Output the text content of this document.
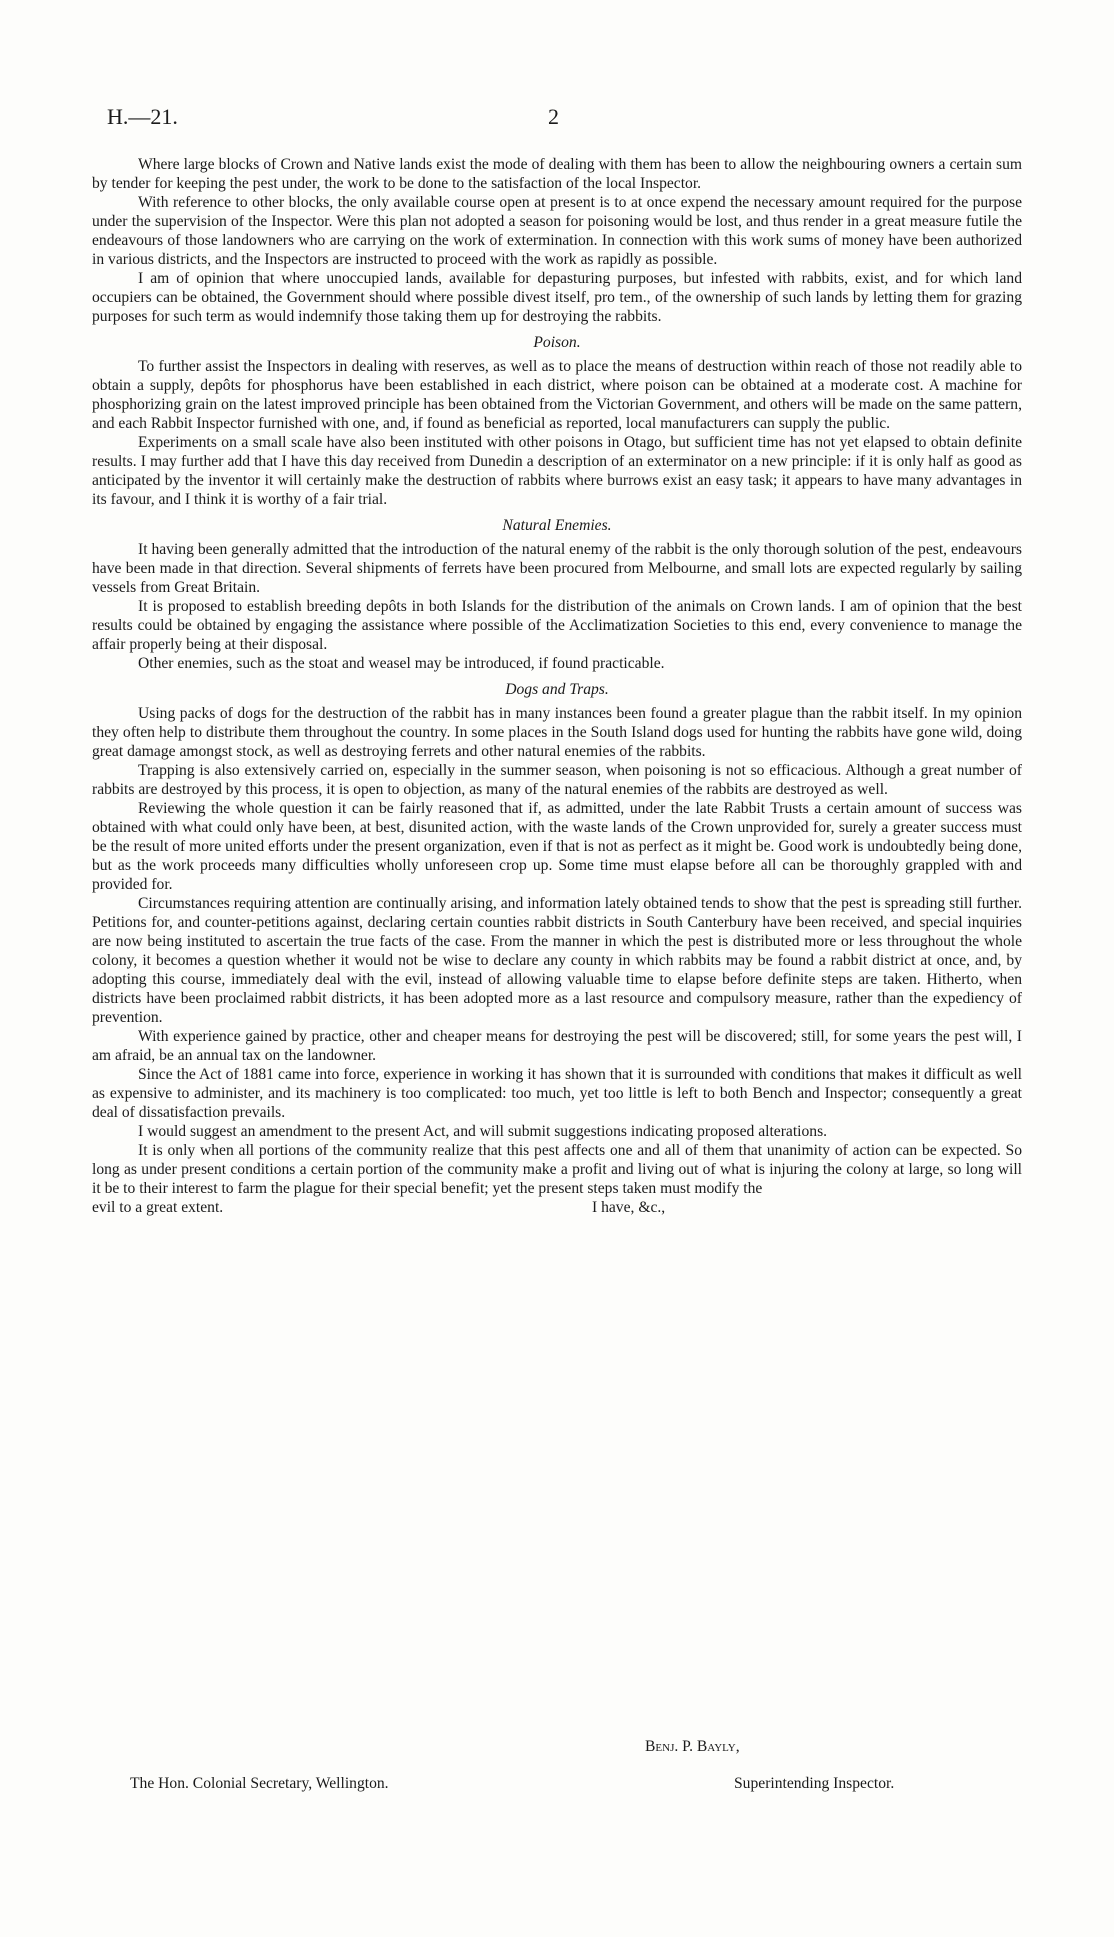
H.—21.	2

Where large blocks of Crown and Native lands exist the mode of dealing with them has been to allow the neighbouring owners a certain sum by tender for keeping the pest under, the work to be done to the satisfaction of the local Inspector.

With reference to other blocks, the only available course open at present is to at once expend the necessary amount required for the purpose under the supervision of the Inspector. Were this plan not adopted a season for poisoning would be lost, and thus render in a great measure futile the endeavours of those landowners who are carrying on the work of extermination. In connection with this work sums of money have been authorized in various districts, and the Inspectors are instructed to proceed with the work as rapidly as possible.

I am of opinion that where unoccupied lands, available for depasturing purposes, but infested with rabbits, exist, and for which land occupiers can be obtained, the Government should where possible divest itself, pro tem., of the ownership of such lands by letting them for grazing purposes for such term as would indemnify those taking them up for destroying the rabbits.

Poison.

To further assist the Inspectors in dealing with reserves, as well as to place the means of destruction within reach of those not readily able to obtain a supply, depôts for phosphorus have been established in each district, where poison can be obtained at a moderate cost. A machine for phosphorizing grain on the latest improved principle has been obtained from the Victorian Government, and others will be made on the same pattern, and each Rabbit Inspector furnished with one, and, if found as beneficial as reported, local manufacturers can supply the public.

Experiments on a small scale have also been instituted with other poisons in Otago, but sufficient time has not yet elapsed to obtain definite results. I may further add that I have this day received from Dunedin a description of an exterminator on a new principle: if it is only half as good as anticipated by the inventor it will certainly make the destruction of rabbits where burrows exist an easy task; it appears to have many advantages in its favour, and I think it is worthy of a fair trial.

Natural Enemies.

It having been generally admitted that the introduction of the natural enemy of the rabbit is the only thorough solution of the pest, endeavours have been made in that direction. Several shipments of ferrets have been procured from Melbourne, and small lots are expected regularly by sailing vessels from Great Britain.

It is proposed to establish breeding depôts in both Islands for the distribution of the animals on Crown lands. I am of opinion that the best results could be obtained by engaging the assistance where possible of the Acclimatization Societies to this end, every convenience to manage the affair properly being at their disposal.

Other enemies, such as the stoat and weasel may be introduced, if found practicable.

Dogs and Traps.

Using packs of dogs for the destruction of the rabbit has in many instances been found a greater plague than the rabbit itself. In my opinion they often help to distribute them throughout the country. In some places in the South Island dogs used for hunting the rabbits have gone wild, doing great damage amongst stock, as well as destroying ferrets and other natural enemies of the rabbits.

Trapping is also extensively carried on, especially in the summer season, when poisoning is not so efficacious. Although a great number of rabbits are destroyed by this process, it is open to objection, as many of the natural enemies of the rabbits are destroyed as well.

Reviewing the whole question it can be fairly reasoned that if, as admitted, under the late Rabbit Trusts a certain amount of success was obtained with what could only have been, at best, disunited action, with the waste lands of the Crown unprovided for, surely a greater success must be the result of more united efforts under the present organization, even if that is not as perfect as it might be. Good work is undoubtedly being done, but as the work proceeds many difficulties wholly unforeseen crop up. Some time must elapse before all can be thoroughly grappled with and provided for.

Circumstances requiring attention are continually arising, and information lately obtained tends to show that the pest is spreading still further. Petitions for, and counter-petitions against, declaring certain counties rabbit districts in South Canterbury have been received, and special inquiries are now being instituted to ascertain the true facts of the case. From the manner in which the pest is distributed more or less throughout the whole colony, it becomes a question whether it would not be wise to declare any county in which rabbits may be found a rabbit district at once, and, by adopting this course, immediately deal with the evil, instead of allowing valuable time to elapse before definite steps are taken. Hitherto, when districts have been proclaimed rabbit districts, it has been adopted more as a last resource and compulsory measure, rather than the expediency of prevention.

With experience gained by practice, other and cheaper means for destroying the pest will be discovered; still, for some years the pest will, I am afraid, be an annual tax on the landowner.

Since the Act of 1881 came into force, experience in working it has shown that it is surrounded with conditions that makes it difficult as well as expensive to administer, and its machinery is too complicated: too much, yet too little is left to both Bench and Inspector; consequently a great deal of dissatisfaction prevails.

I would suggest an amendment to the present Act, and will submit suggestions indicating proposed alterations.

It is only when all portions of the community realize that this pest affects one and all of them that unanimity of action can be expected. So long as under present conditions a certain portion of the community make a profit and living out of what is injuring the colony at large, so long will it be to their interest to farm the plague for their special benefit; yet the present steps taken must modify the

evil to a great extent.	I have, &c.,
Benj. P. Bayly,
The Hon. Colonial Secretary, Wellington.	Superintending Inspector.
